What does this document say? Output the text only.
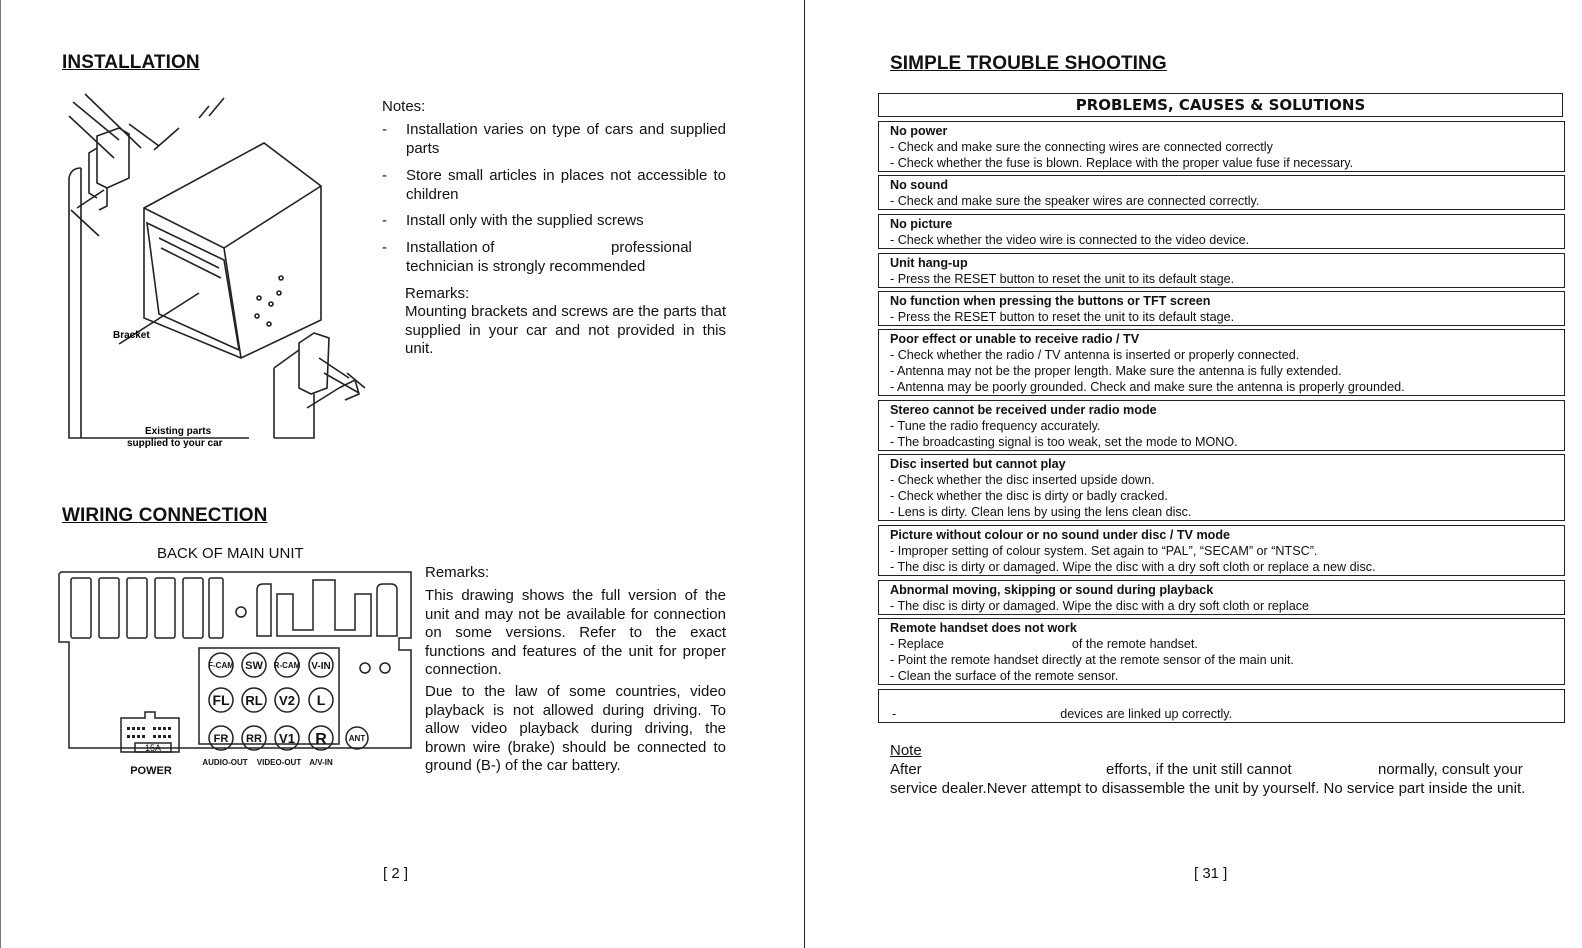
INSTALLATION
Bracket
Existing parts
supplied to your car
Notes:
- Installation varies on type of cars and supplied parts
- Store small articles in places not accessible to children
- Install only with the supplied screws
- Installation of	professional

technician is strongly recommended
Remarks:
Mounting brackets and screws are the parts that supplied in your car and not provided in this unit.
WIRING CONNECTION
BACK OF MAIN UNIT
F-CAM SW R-CAM V-IN
FL RL V2 L
FR RR V1 R	ANT
15A
POWER
AUDIO-OUT VIDEO-OUT A/V-IN
Remarks:
This drawing shows the full version of the unit and may not be available for connection on some versions. Refer to the exact functions and features of the unit for proper connection.
Due to the law of some countries, video playback is not allowed during driving. To allow video playback during driving, the brown wire (brake) should be connected to ground (B-) of the car battery.
[ 2 ]
SIMPLE TROUBLE SHOOTING
PROBLEMS, CAUSES & SOLUTIONS
No power
- Check and make sure the connecting wires are connected correctly
- Check whether the fuse is blown. Replace with the proper value fuse if necessary.
No sound
- Check and make sure the speaker wires are connected correctly.
No picture
- Check whether the video wire is connected to the video device.
Unit hang-up
- Press the RESET button to reset the unit to its default stage.
No function when pressing the buttons or TFT screen
- Press the RESET button to reset the unit to its default stage.
Poor effect or unable to receive radio / TV
- Check whether the radio / TV antenna is inserted or properly connected.
- Antenna may not be the proper length. Make sure the antenna is fully extended.
- Antenna may be poorly grounded. Check and make sure the antenna is properly grounded.
Stereo cannot be received under radio mode
- Tune the radio frequency accurately.
- The broadcasting signal is too weak, set the mode to MONO.
Disc inserted but cannot play
- Check whether the disc inserted upside down.
- Check whether the disc is dirty or badly cracked.
- Lens is dirty. Clean lens by using the lens clean disc.
Picture without colour or no sound under disc / TV mode
- Improper setting of colour system. Set again to “PAL”, “SECAM” or “NTSC”.
- The disc is dirty or damaged. Wipe the disc with a dry soft cloth or replace a new disc.
Abnormal moving, skipping or sound during playback
- The disc is dirty or damaged. Wipe the disc with a dry soft cloth or replace
Remote handset does not work
- Replace	of the remote handset.
- Point the remote handset directly at the remote sensor of the main unit.
- Clean the surface of the remote sensor.
-	devices are linked up correctly.
Note
After	efforts, if the unit still cannot	normally, consult your
service dealer.Never attempt to disassemble the unit by yourself. No service part inside the unit.
[ 31 ]
